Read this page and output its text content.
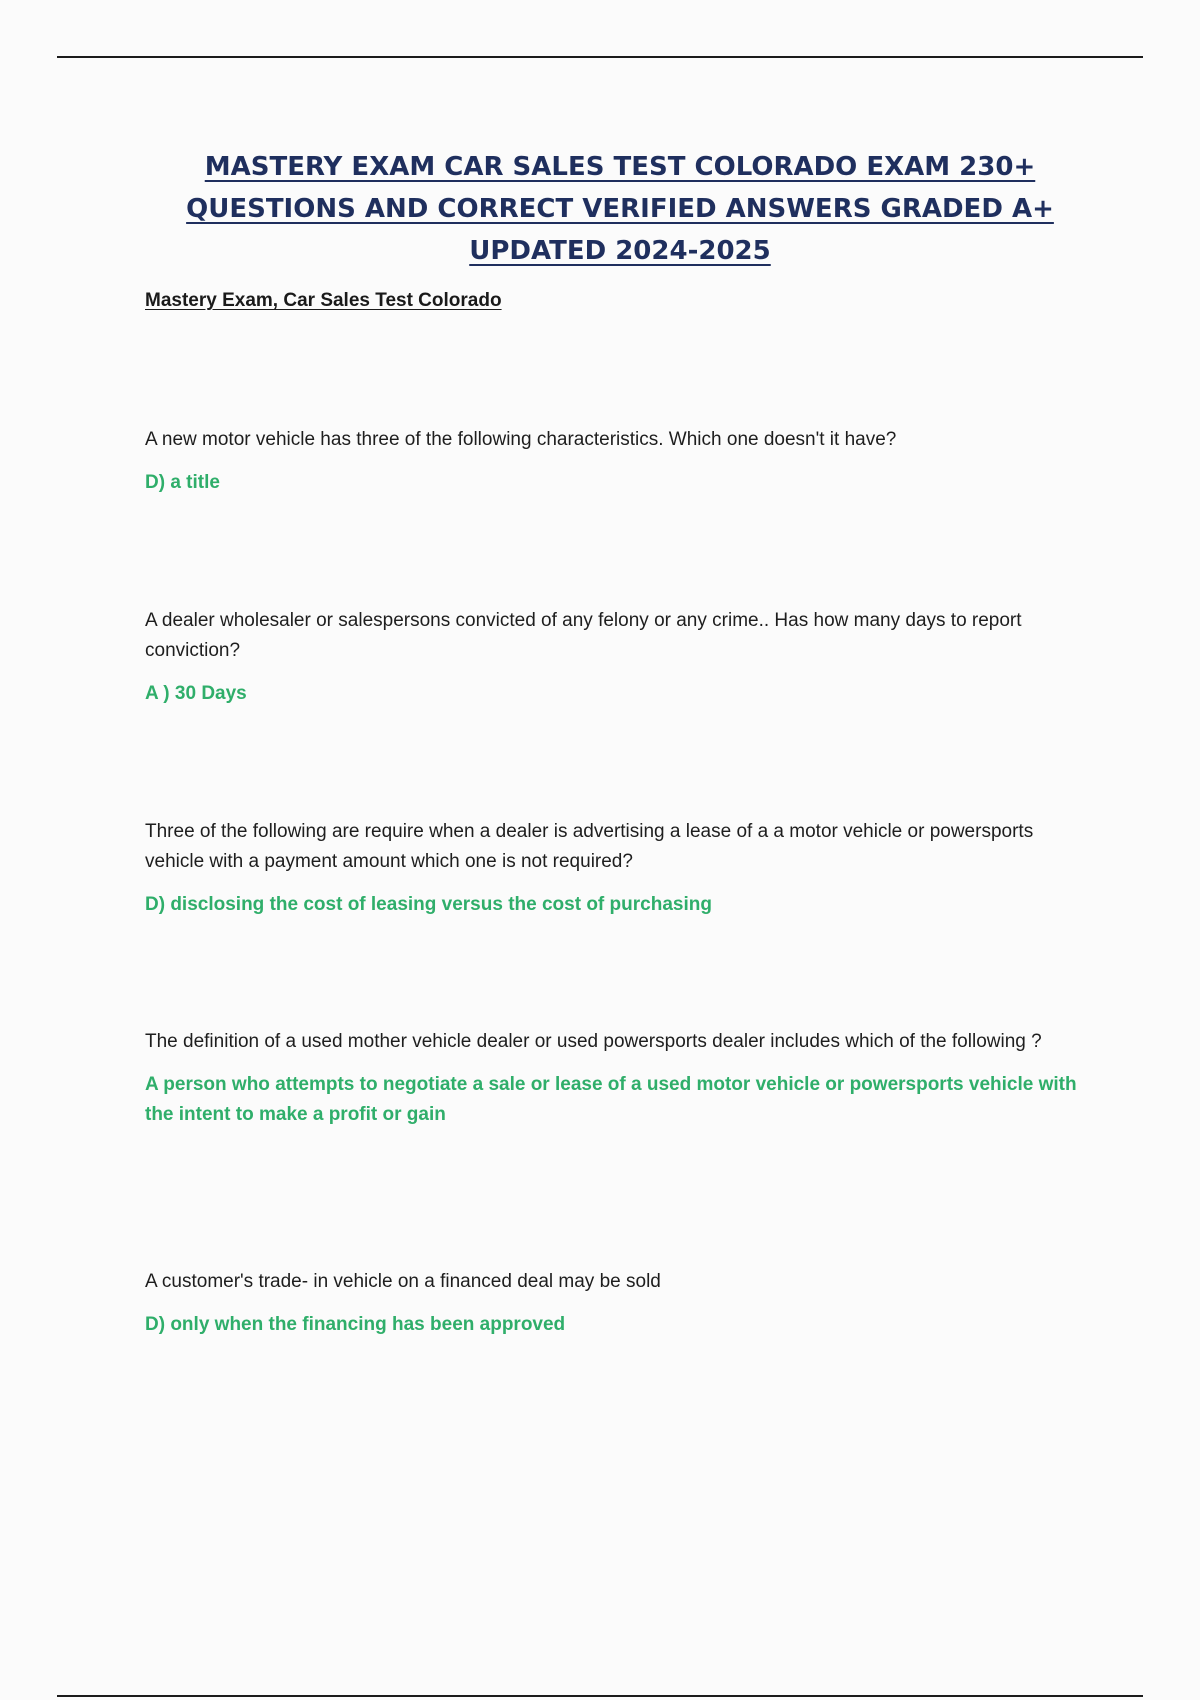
MASTERY EXAM CAR SALES TEST COLORADO EXAM 230+
QUESTIONS AND CORRECT VERIFIED ANSWERS GRADED A+
UPDATED 2024-2025

Mastery Exam, Car Sales Test Colorado

A new motor vehicle has three of the following characteristics. Which one doesn't it have?

D) a title

A dealer wholesaler or salespersons convicted of any felony or any crime.. Has how many days to report conviction?

A ) 30 Days

Three of the following are require when a dealer is advertising a lease of a a motor vehicle or powersports vehicle with a payment amount which one is not required?

D) disclosing the cost of leasing versus the cost of purchasing

The definition of a used mother vehicle dealer or used powersports dealer includes which of the following ?

A person who attempts to negotiate a sale or lease of a used motor vehicle or powersports vehicle with the intent to make a profit or gain

A customer's trade- in vehicle on a financed deal may be sold

D) only when the financing has been approved
